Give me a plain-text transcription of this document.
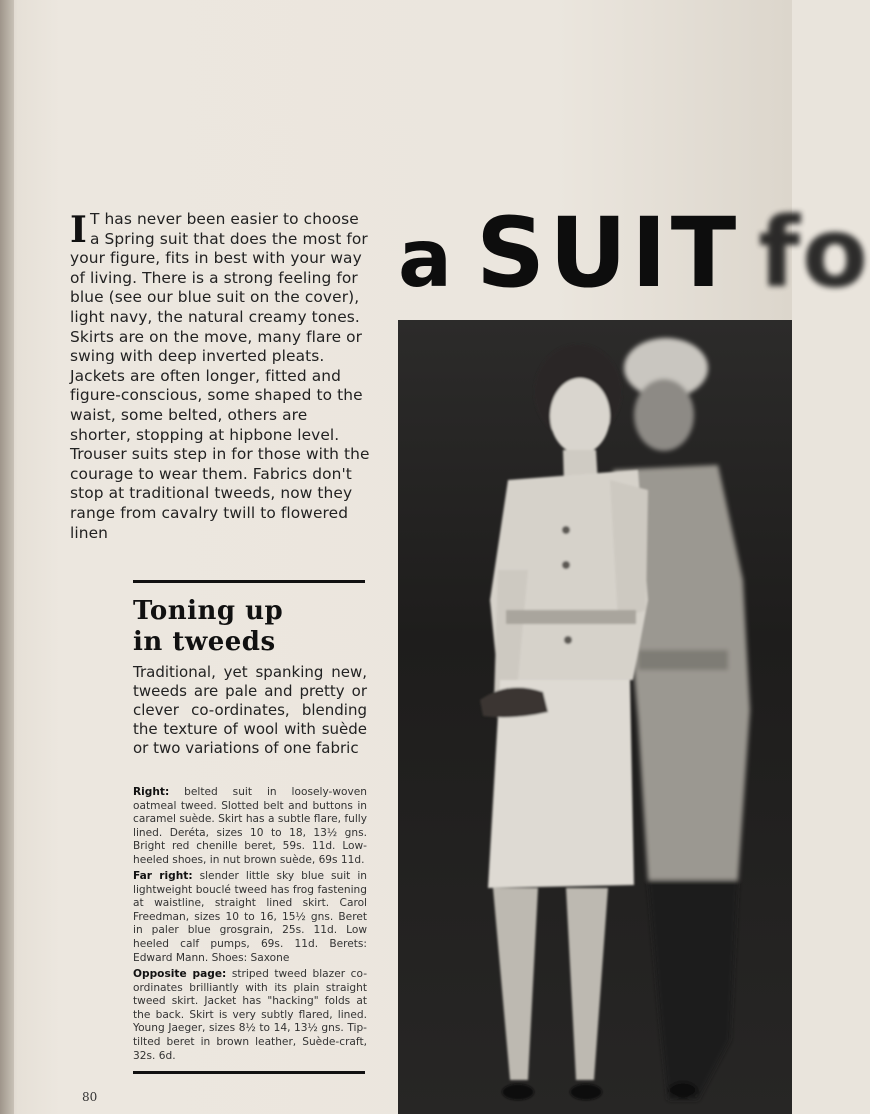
I T has never been easier to choose a Spring suit that does the most for your figure, fits in best with your way of living. There is a strong feeling for blue (see our blue suit on the cover), light navy, the natural creamy tones. Skirts are on the move, many flare or swing with deep inverted pleats. Jackets are often longer, fitted and figure-conscious, some shaped to the waist, some belted, others are shorter, stopping at hipbone level. Trouser suits step in for those with the courage to wear them. Fabrics don't stop at traditional tweeds, now they range from cavalry twill to flowered linen
a SUIT fo
Toning up
in tweeds
Traditional, yet spanking new, tweeds are pale and pretty or clever co-ordinates, blending the texture of wool with suède or two variations of one fabric
Right: belted suit in loosely-woven oatmeal tweed. Slotted belt and buttons in caramel suède. Skirt has a subtle flare, fully lined. Deréta, sizes 10 to 18, 13½ gns. Bright red chenille beret, 59s. 11d. Low-heeled shoes, in nut brown suède, 69s 11d.
Far right: slender little sky blue suit in lightweight bouclé tweed has frog fastening at waistline, straight lined skirt. Carol Freedman, sizes 10 to 16, 15½ gns. Beret in paler blue grosgrain, 25s. 11d. Low heeled calf pumps, 69s. 11d. Berets: Edward Mann. Shoes: Saxone
Opposite page: striped tweed blazer co-ordinates brilliantly with its plain straight tweed skirt. Jacket has "hacking" folds at the back. Skirt is very subtly flared, lined. Young Jaeger, sizes 8½ to 14, 13½ gns. Tip-tilted beret in brown leather, Suède-craft, 32s. 6d.
80
